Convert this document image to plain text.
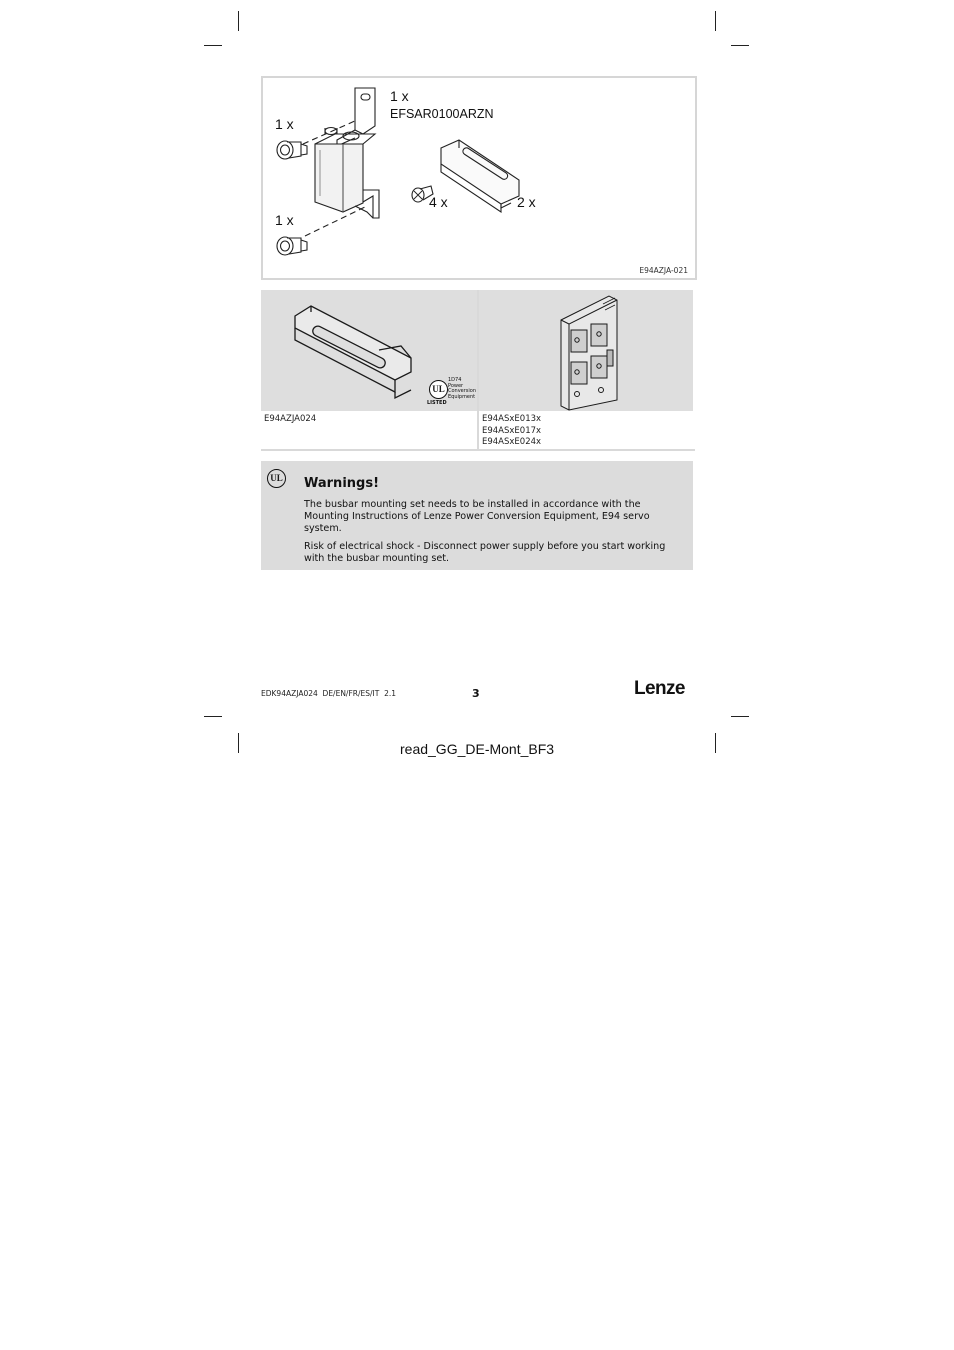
1 x
EFSAR0100ARZN
1 x
1 x
4 x	2 x
E94AZJA-021
UL
LISTED
1D74
Power
Conversion
Equipment
E94AZJA024	E94ASxE013x
E94ASxE017x
E94ASxE024x
UL Warnings!

The busbar mounting set needs to be installed in accordance with the Mounting Instructions of Lenze Power Conversion Equipment, E94 servo system.

Risk of electrical shock - Disconnect power supply before you start working with the busbar mounting set.

EDK94AZJA024  DE/EN/FR/ES/IT  2.1	3	Lenze
read_GG_DE-Mont_BF3
